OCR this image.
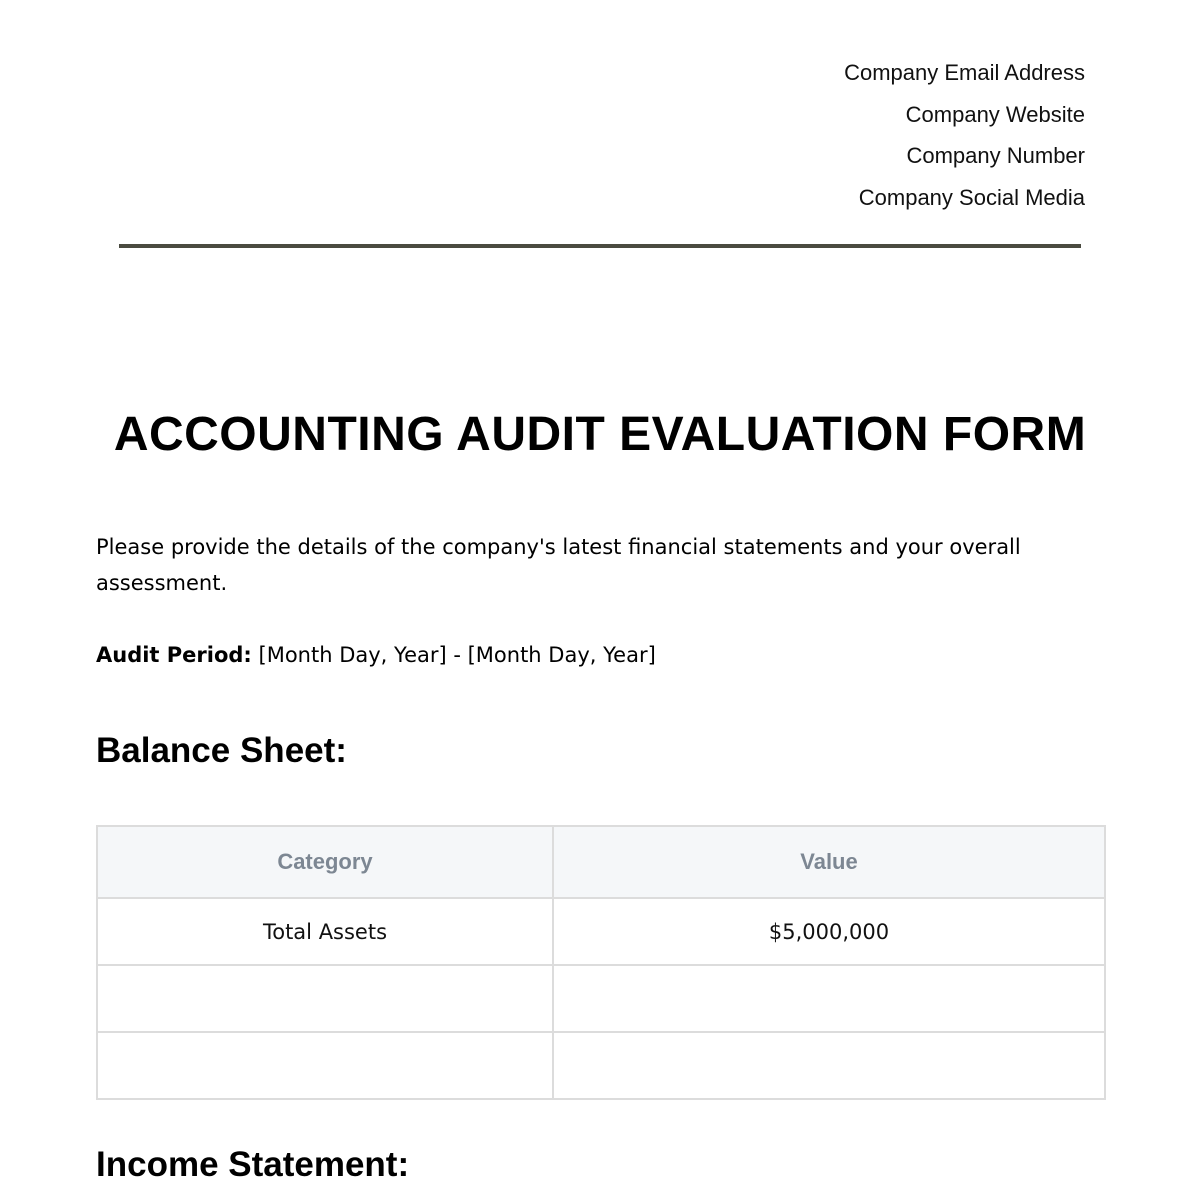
Company Email Address
Company Website
Company Number
Company Social Media
ACCOUNTING AUDIT EVALUATION FORM

Please provide the details of the company's latest financial statements and your overall assessment.

Audit Period: [Month Day, Year] - [Month Day, Year]

Balance Sheet:
Category	Value
Total Assets	$5,000,000

Income Statement:
